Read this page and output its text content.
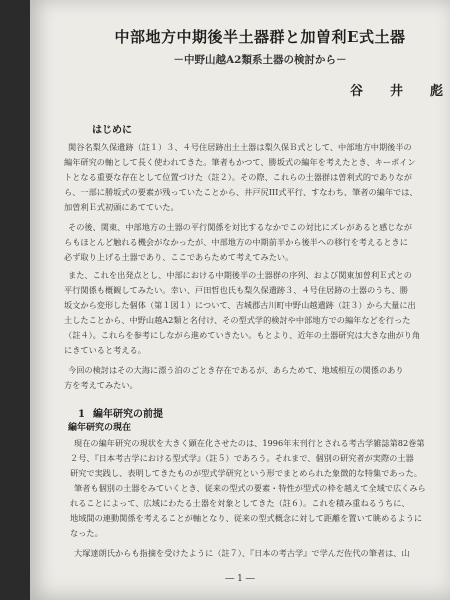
中部地方中期後半土器群と加曽利E式土器
－中野山越A2類系土器の検討から－
谷　井　彪
はじめに
関谷名梨久保遺跡（註１）３、４号住居跡出土土器は梨久保Ｂ式として、中部地方中期後半の
編年研究の軸として長く使われてきた。筆者もかつて、勝坂式の編年を考えたとき、キーポイン
トとなる重要な存在として位置づけた（註２）。その際、これらの土器群は曽利式的でありなが
ら、一部に勝坂式の要素が残っていたことから、井戸尻III式平行、すなわち、筆者の編年では、
加曽利Ｅ式初頭にあてていた。
その後、関東、中部地方の土器の平行関係を対比するなかでこの対比にズレがあると感じなが
らもほとんど触れる機会がなかったが、中部地方の中期前半から後半への移行を考えるときに
必ず取り上げる土器であり、ここであらためて考えてみたい。
また、これを出発点とし、中部における中期後半の土器群の序列、および関東加曽利Ｅ式との
平行関係も概観してみたい。幸い、戸田哲也氏も梨久保遺跡３、４号住居跡の土器のうち、勝
坂文から変形した個体（第１図１）について、吉城郡古川町中野山越遺跡（註３）から大量に出
土したことから、中野山越A2類と名付け、その型式学的検討や中部地方での編年などを行った
（註４）。これらを参考にしながら進めていきたい。もとより、近年の土器研究は大きな曲がり角
にきていると考える。
今回の検討はその大海に漂う泊のごとき存在であるが、あらためて、地域相互の関係のあり
方を考えてみたい。
1 編年研究の前提
編年研究の現在
現在の編年研究の現状を大きく顕在化させたのは、1996年末刊行とされる考古学雑誌第82巻第
２号、『日本考古学における型式学』（註５）であろう。それまで、個別の研究者が実際の土器
研究で実践し、表明してきたものが型式学研究という形でまとめられた象徴的な特集であった。
筆者も個別の土器をみていくとき、従来の型式の要素・特性が型式の枠を越えて全域で広くみら
れることによって、広域にわたる土器を対象としてきた（註６）。これを積み重ねるうちに、
地域間の連動関係を考えることが軸となり、従来の型式概念に対して距離を置いて眺めるように
なった。
大塚達朗氏からも指摘を受けたように（註７）、『日本の考古学』で学んだ佐代の筆者は、山
― 1 ―
